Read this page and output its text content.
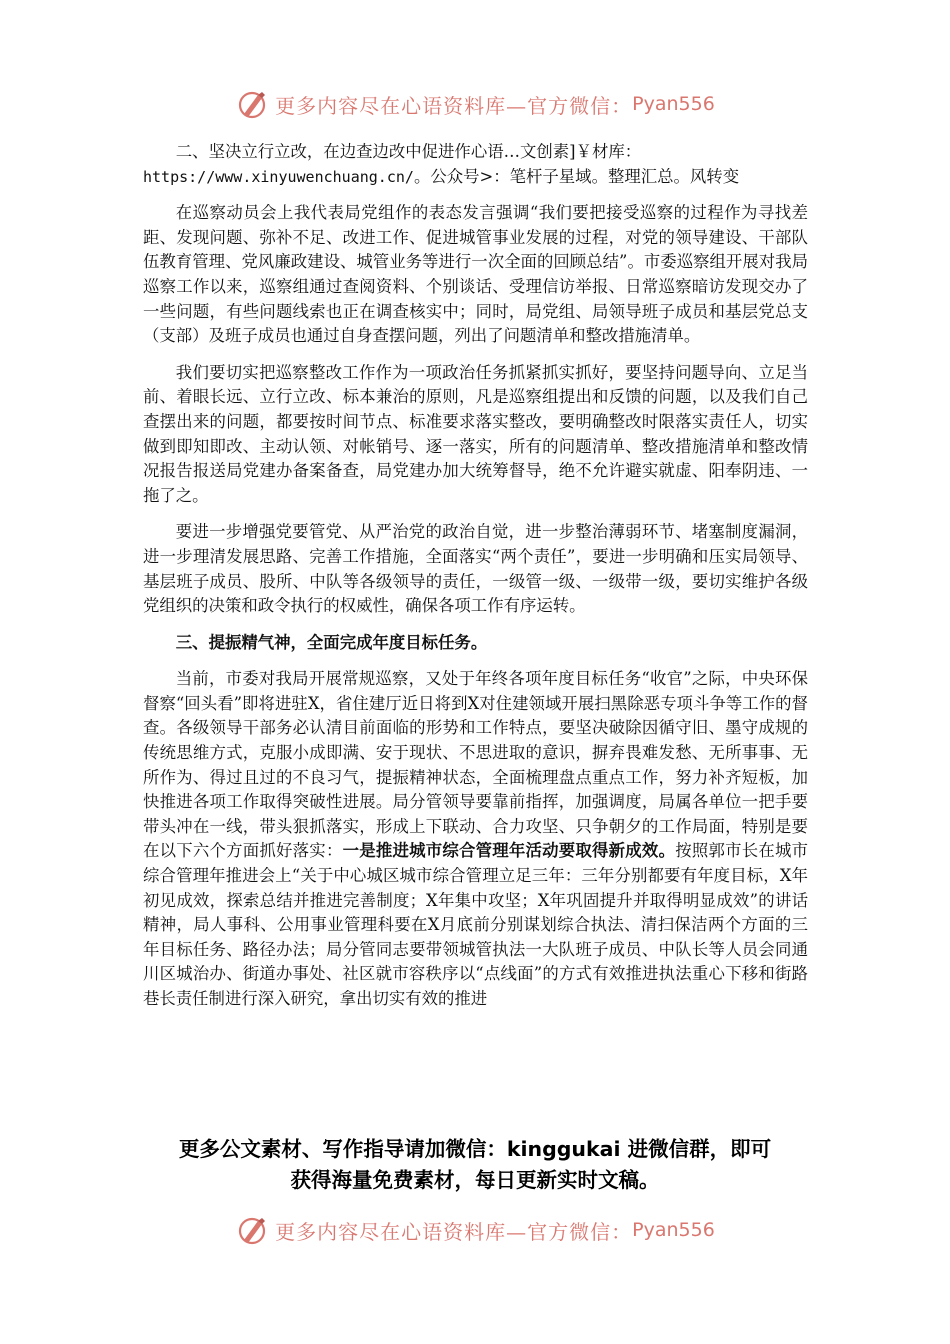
更多内容尽在心语资料库—官方微信： Pyan556

二、坚决立行立改，在边查边改中促进作心语…文创素]￥材库：
https://www.xinyuwenchuang.cn/。公众号>：笔杆子星域。整理汇总。风转变

在巡察动员会上我代表局党组作的表态发言强调“我们要把接受巡察的过程作为寻找差距、发现问题、弥补不足、改进工作、促进城管事业发展的过程，对党的领导建设、干部队伍教育管理、党风廉政建设、城管业务等进行一次全面的回顾总结”。市委巡察组开展对我局巡察工作以来，巡察组通过查阅资料、个别谈话、受理信访举报、日常巡察暗访发现交办了一些问题，有些问题线索也正在调查核实中；同时，局党组、局领导班子成员和基层党总支（支部）及班子成员也通过自身查摆问题，列出了问题清单和整改措施清单。

我们要切实把巡察整改工作作为一项政治任务抓紧抓实抓好，要坚持问题导向、立足当前、着眼长远、立行立改、标本兼治的原则，凡是巡察组提出和反馈的问题，以及我们自己查摆出来的问题，都要按时间节点、标准要求落实整改，要明确整改时限落实责任人，切实做到即知即改、主动认领、对帐销号、逐一落实，所有的问题清单、整改措施清单和整改情况报告报送局党建办备案备查，局党建办加大统筹督导，绝不允许避实就虚、阳奉阴违、一拖了之。

要进一步增强党要管党、从严治党的政治自觉，进一步整治薄弱环节、堵塞制度漏洞，进一步理清发展思路、完善工作措施，全面落实“两个责任”，要进一步明确和压实局领导、基层班子成员、股所、中队等各级领导的责任，一级管一级、一级带一级，要切实维护各级党组织的决策和政令执行的权威性，确保各项工作有序运转。

三、提振精气神，全面完成年度目标任务。

当前，市委对我局开展常规巡察，又处于年终各项年度目标任务“收官”之际，中央环保督察“回头看”即将进驻X，省住建厅近日将到X对住建领域开展扫黑除恶专项斗争等工作的督查。各级领导干部务必认清目前面临的形势和工作特点，要坚决破除因循守旧、墨守成规的传统思维方式，克服小成即满、安于现状、不思进取的意识，摒弃畏难发愁、无所事事、无所作为、得过且过的不良习气，提振精神状态，全面梳理盘点重点工作，努力补齐短板，加快推进各项工作取得突破性进展。局分管领导要靠前指挥，加强调度，局属各单位一把手要带头冲在一线，带头狠抓落实，形成上下联动、合力攻坚、只争朝夕的工作局面，特别是要在以下六个方面抓好落实：一是推进城市综合管理年活动要取得新成效。按照郭市长在城市综合管理年推进会上“关于中心城区城市综合管理立足三年：三年分别都要有年度目标，X年初见成效，探索总结并推进完善制度；X年集中攻坚；X年巩固提升并取得明显成效”的讲话精神，局人事科、公用事业管理科要在X月底前分别谋划综合执法、清扫保洁两个方面的三年目标任务、路径办法；局分管同志要带领城管执法一大队班子成员、中队长等人员会同通川区城治办、街道办事处、社区就市容秩序以“点线面”的方式有效推进执法重心下移和街路巷长责任制进行深入研究，拿出切实有效的推进

更多公文素材、写作指导请加微信：kinggukai 进微信群，即可
获得海量免费素材，每日更新实时文稿。
更多内容尽在心语资料库—官方微信： Pyan556
